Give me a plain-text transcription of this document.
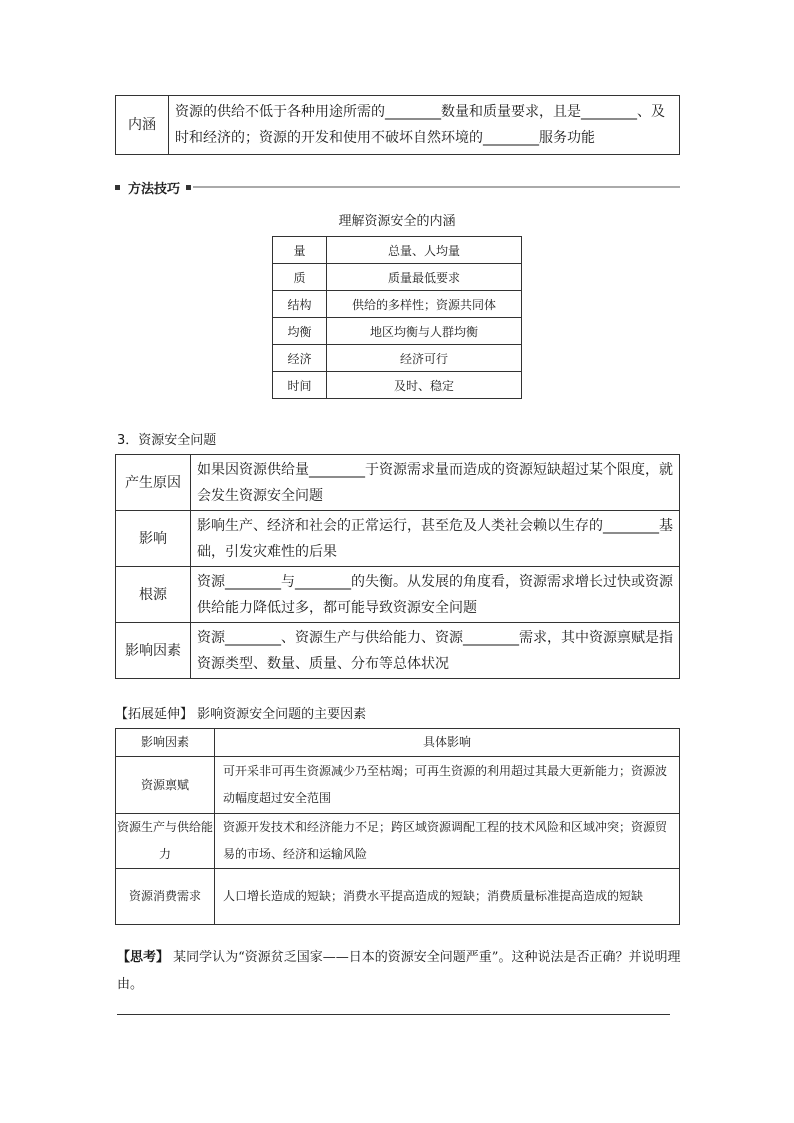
内涵	资源的供给不低于各种用途所需的________数量和质量要求，且是________、及时和经济的；资源的开发和使用不破坏自然环境的________服务功能
方法技巧
理解资源安全的内涵
量	总量、人均量
质	质量最低要求
结构	供给的多样性；资源共同体
均衡	地区均衡与人群均衡
经济	经济可行
时间	及时、稳定
3．资源安全问题
产生原因	如果因资源供给量________于资源需求量而造成的资源短缺超过某个限度，就会发生资源安全问题
影响	影响生产、经济和社会的正常运行，甚至危及人类社会赖以生存的________基础，引发灾难性的后果
根源	资源________与________的失衡。从发展的角度看，资源需求增长过快或资源供给能力降低过多，都可能导致资源安全问题
影响因素	资源________、资源生产与供给能力、资源________需求，其中资源禀赋是指资源类型、数量、质量、分布等总体状况
【拓展延伸】 影响资源安全问题的主要因素
影响因素	具体影响
资源禀赋	可开采非可再生资源减少乃至枯竭；可再生资源的利用超过其最大更新能力；资源波动幅度超过安全范围
资源生产与供给能力	资源开发技术和经济能力不足；跨区域资源调配工程的技术风险和区域冲突；资源贸易的市场、经济和运输风险
资源消费需求	人口增长造成的短缺；消费水平提高造成的短缺；消费质量标准提高造成的短缺
【思考】 某同学认为“资源贫乏国家——日本的资源安全问题严重”。这种说法是否正确？并说明理由。
